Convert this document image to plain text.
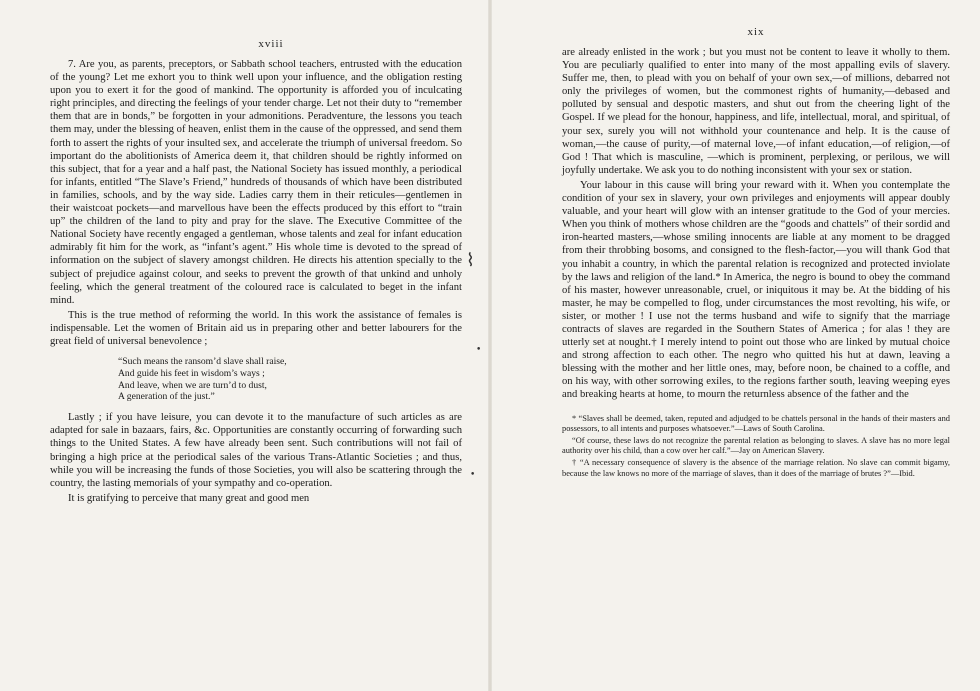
xviii

7. Are you, as parents, preceptors, or Sabbath school teachers, entrusted with the education of the young? Let me exhort you to think well upon your influence, and the obligation resting upon you to exert it for the good of mankind. The opportunity is afforded you of inculcating right principles, and directing the feelings of your tender charge. Let not their duty to “remember them that are in bonds,” be forgotten in your admonitions. Peradventure, the lessons you teach them may, under the blessing of heaven, enlist them in the cause of the oppressed, and send them forth to assert the rights of your insulted sex, and accelerate the triumph of universal freedom. So important do the abolitionists of America deem it, that children should be rightly informed on this subject, that for a year and a half past, the National Society has issued monthly, a periodical for infants, entitled “The Slave’s Friend,” hundreds of thousands of which have been distributed in families, schools, and by the way side. Ladies carry them in their reticules—gentlemen in their waistcoat pockets—and marvellous have been the effects produced by this effort to “train up” the children of the land to pity and pray for the slave. The Executive Committee of the National Society have recently engaged a gentleman, whose talents and zeal for infant education admirably fit him for the work, as “infant’s agent.” His whole time is devoted to the spread of information on the subject of slavery amongst children. He directs his attention specially to the subject of prejudice against colour, and seeks to prevent the growth of that unkind and unholy feeling, which the general treatment of the coloured race is calculated to beget in the infant mind.

This is the true method of reforming the world. In this work the assistance of females is indispensable. Let the women of Britain aid us in preparing other and better labourers for the great field of universal benevolence ;

“Such means the ransom’d slave shall raise,
And guide his feet in wisdom’s ways ;
And leave, when we are turn’d to dust,
A generation of the just.”

Lastly ; if you have leisure, you can devote it to the manufacture of such articles as are adapted for sale in bazaars, fairs, &c. Opportunities are constantly occurring of forwarding such things to the United States. A few have already been sent. Such contributions will not fail of bringing a high price at the periodical sales of the various Trans-Atlantic Societies ; and thus, while you will be increasing the funds of those Societies, you will also be scattering through the country, the lasting memorials of your sympathy and co-operation.

It is gratifying to perceive that many great and good men

⌇
•
•
xix

are already enlisted in the work ; but you must not be content to leave it wholly to them. You are peculiarly qualified to enter into many of the most appalling evils of slavery. Suffer me, then, to plead with you on behalf of your own sex,—of millions, debarred not only the privileges of women, but the commonest rights of humanity,—debased and polluted by sensual and despotic masters, and shut out from the cheering light of the Gospel. If we plead for the honour, happiness, and life, intellectual, moral, and spiritual, of your sex, surely you will not withhold your countenance and help. It is the cause of woman,—the cause of purity,—of maternal love,—of infant education,—of religion,—of God ! That which is masculine, —which is prominent, perplexing, or perilous, we will joyfully undertake. We ask you to do nothing inconsistent with your sex or station.

Your labour in this cause will bring your reward with it. When you contemplate the condition of your sex in slavery, your own privileges and enjoyments will appear doubly valuable, and your heart will glow with an intenser gratitude to the God of your mercies. When you think of mothers whose children are the “goods and chattels” of their sordid and iron-hearted masters,—whose smiling innocents are liable at any moment to be dragged from their throbbing bosoms, and consigned to the flesh-factor,—you will thank God that you inhabit a country, in which the parental relation is recognized and protected inviolate by the laws and religion of the land.* In America, the negro is bound to obey the command of his master, however unreasonable, cruel, or iniquitous it may be. At the bidding of his master, he may be compelled to flog, under circumstances the most revolting, his wife, or sister, or mother ! I use not the terms husband and wife to signify that the marriage contracts of slaves are regarded in the Southern States of America ; for alas ! they are utterly set at nought.† I merely intend to point out those who are linked by mutual choice and strong affection to each other. The negro who quitted his hut at dawn, leaving a blessing with the mother and her little ones, may, before noon, be chained to a coffle, and on his way, with other sorrowing exiles, to the regions farther south, leaving weeping eyes and breaking hearts at home, to mourn the returnless absence of the father and the

* “Slaves shall be deemed, taken, reputed and adjudged to be chattels personal in the hands of their masters and possessors, to all intents and purposes whatsoever.”—Laws of South Carolina.

“Of course, these laws do not recognize the parental relation as belonging to slaves. A slave has no more legal authority over his child, than a cow over her calf.”—Jay on American Slavery.

† “A necessary consequence of slavery is the absence of the marriage relation. No slave can commit bigamy, because the law knows no more of the marriage of slaves, than it does of the marriage of brutes ?”—Ibid.
